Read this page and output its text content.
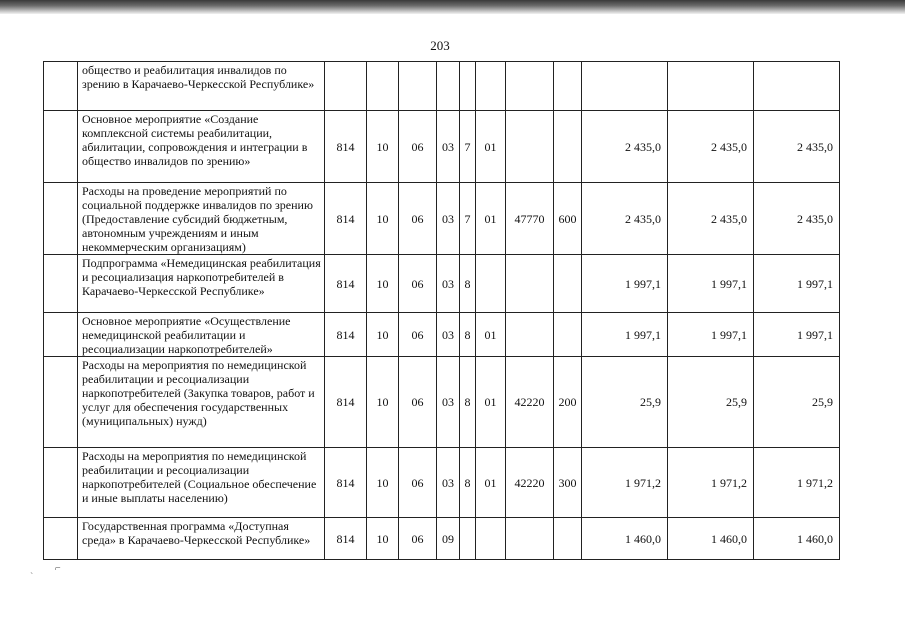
203
	общество и реабилитация инвалидов по зрению в Карачаево-Черкесской Республике»											
	Основное мероприятие «Создание комплексной системы реабилитации, абилитации, сопровождения и интеграции в общество инвалидов по зрению»	814	10	06	03	7	01			2 435,0	2 435,0	2 435,0
	Расходы на проведение мероприятий по социальной поддержке инвалидов по зрению (Предоставление субсидий бюджетным, автономным учреждениям и иным некоммерческим организациям)	814	10	06	03	7	01	47770	600	2 435,0	2 435,0	2 435,0
	Подпрограмма «Немедицинская реабилитация и ресоциализация наркопотребителей в Карачаево-Черкесской Республике»	814	10	06	03	8				1 997,1	1 997,1	1 997,1
	Основное мероприятие «Осуществление немедицинской реабилитации и ресоциализации наркопотребителей»	814	10	06	03	8	01			1 997,1	1 997,1	1 997,1
	Расходы на мероприятия по немедицинской реабилитации и ресоциализации наркопотребителей (Закупка товаров, работ и услуг для обеспечения государственных (муниципальных) нужд)	814	10	06	03	8	01	42220	200	25,9	25,9	25,9
	Расходы на мероприятия по немедицинской реабилитации и ресоциализации наркопотребителей (Социальное обеспечение и иные выплаты населению)	814	10	06	03	8	01	42220	300	1 971,2	1 971,2	1 971,2
	Государственная программа «Доступная среда» в Карачаево-Черкесской Республике»	814	10	06	09					1 460,0	1 460,0	1 460,0
⌐
`
